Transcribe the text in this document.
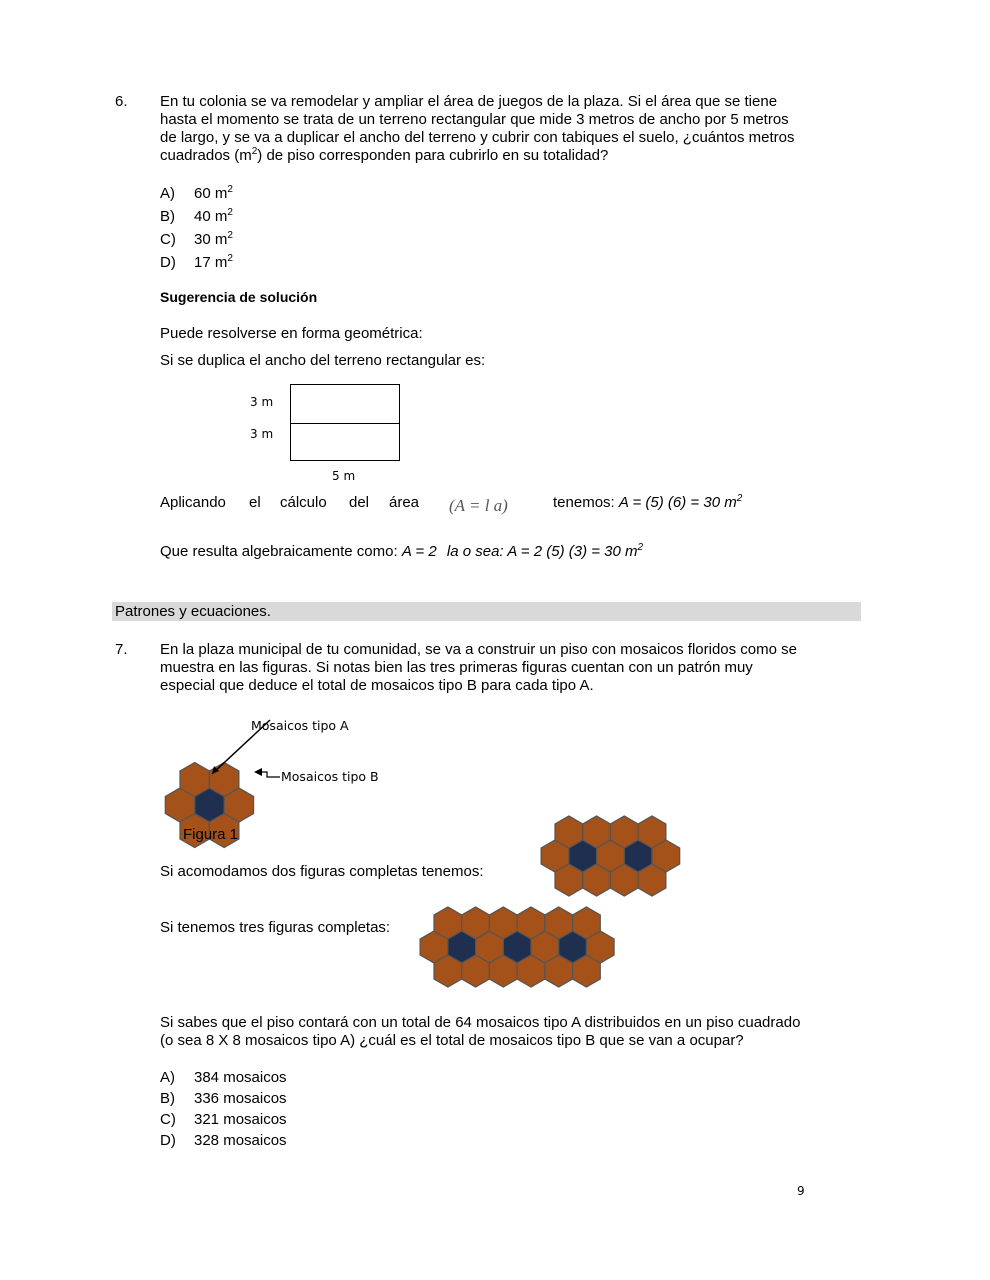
6. En tu colonia se va remodelar y ampliar el área de juegos de la plaza. Si el área que se tiene
hasta el momento se trata de un terreno rectangular que mide 3 metros de ancho por 5 metros
de largo, y se va a duplicar el ancho del terreno y cubrir con tabiques el suelo, ¿cuántos metros
cuadrados $(m^2)$ de piso corresponden para cubrirlo en su totalidad?
A) 60 $m^2$
B) 40 $m^2$
C) 30 $m^2$
D) 17 $m^2$
Sugerencia de solución
Puede resolverse en forma geométrica:
Si se duplica el ancho del terreno rectangular es:
3 m
3 m
5 m
Aplicando el cálculo del área (A = l a)	tenemos: A = (5) (6) = 30 $m^2$
Que resulta algebraicamente como: A = 2 la o sea: A = 2 (5) (3) = 30 $m^2$
Patrones y ecuaciones.
7. En la plaza municipal de tu comunidad, se va a construir un piso con mosaicos floridos como se
muestra en las figuras. Si notas bien las tres primeras figuras cuentan con un patrón muy
especial que deduce el total de mosaicos tipo B para cada tipo A.
Mosaicos tipo A
Mosaicos tipo B
Figura 1
Si acomodamos dos figuras completas tenemos:
Si tenemos tres figuras completas:
Si sabes que el piso contará con un total de 64 mosaicos tipo A distribuidos en un piso cuadrado
(o sea 8 X 8 mosaicos tipo A) ¿cuál es el total de mosaicos tipo B que se van a ocupar?
A) 384 mosaicos
B) 336 mosaicos
C) 321 mosaicos
D) 328 mosaicos
9
